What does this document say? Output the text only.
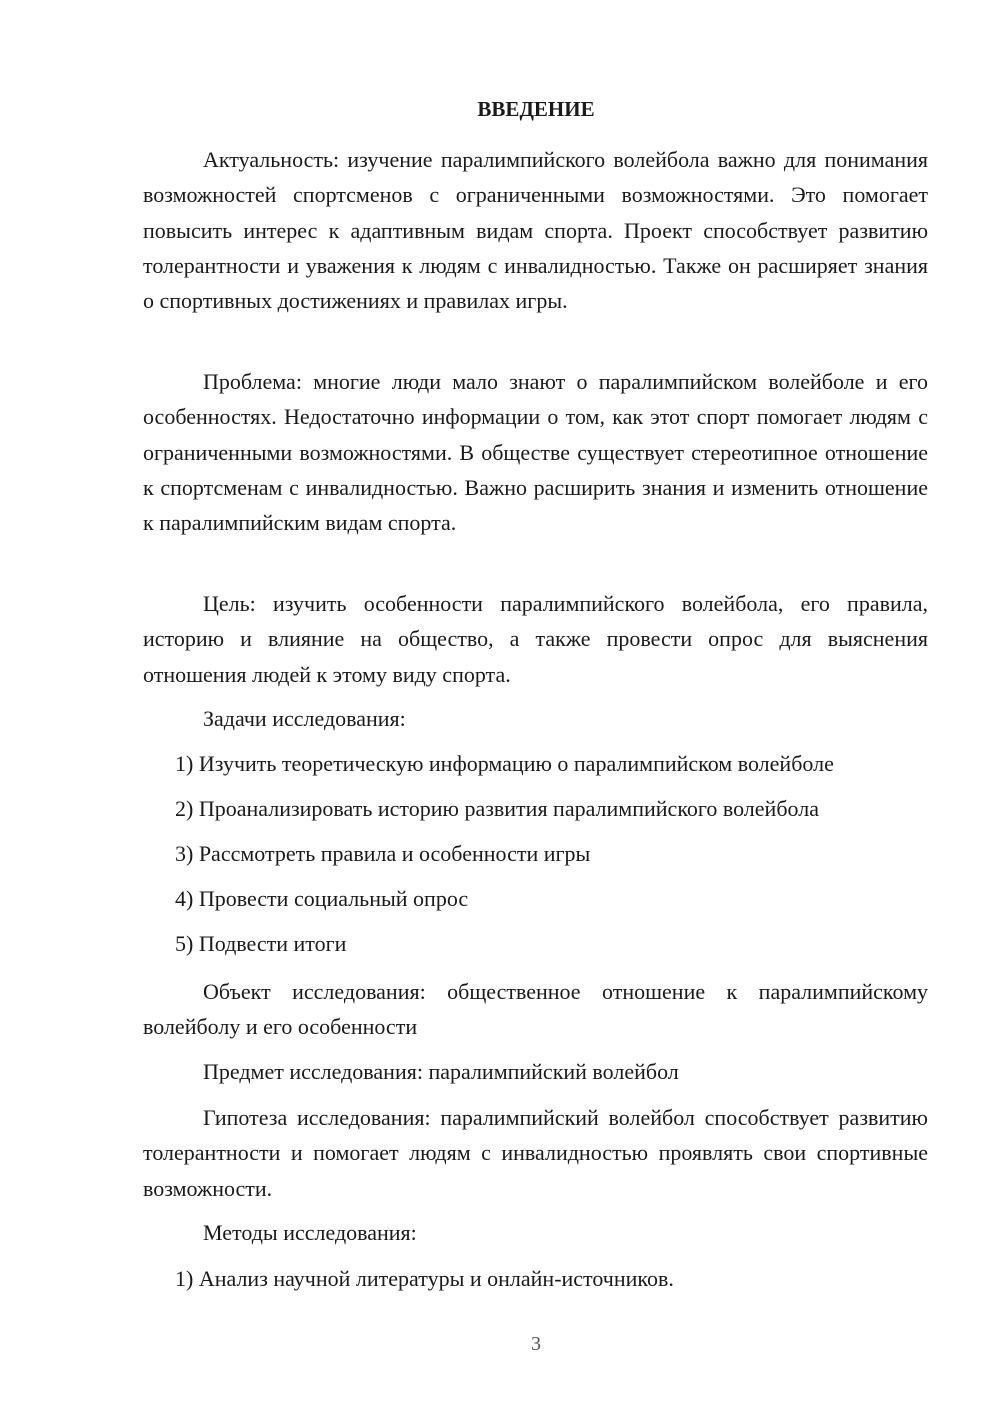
ВВЕДЕНИЕ
Актуальность: изучение паралимпийского волейбола важно для понимания возможностей спортсменов с ограниченными возможностями. Это помогает повысить интерес к адаптивным видам спорта. Проект способствует развитию толерантности и уважения к людям с инвалидностью. Также он расширяет знания о спортивных достижениях и правилах игры.
Проблема: многие люди мало знают о паралимпийском волейболе и его особенностях. Недостаточно информации о том, как этот спорт помогает людям с ограниченными возможностями. В обществе существует стереотипное отношение к спортсменам с инвалидностью. Важно расширить знания и изменить отношение к паралимпийским видам спорта.
Цель: изучить особенности паралимпийского волейбола, его правила, историю и влияние на общество, а также провести опрос для выяснения отношения людей к этому виду спорта.
Задачи исследования:
1) Изучить теоретическую информацию о паралимпийском волейболе
2) Проанализировать историю развития паралимпийского волейбола
3) Рассмотреть правила и особенности игры
4) Провести социальный опрос
5) Подвести итоги
Объект исследования: общественное отношение к паралимпийскому волейболу и его особенности
Предмет исследования: паралимпийский волейбол
Гипотеза исследования: паралимпийский волейбол способствует развитию толерантности и помогает людям с инвалидностью проявлять свои спортивные возможности.
Методы исследования:
1) Анализ научной литературы и онлайн-источников.
3
